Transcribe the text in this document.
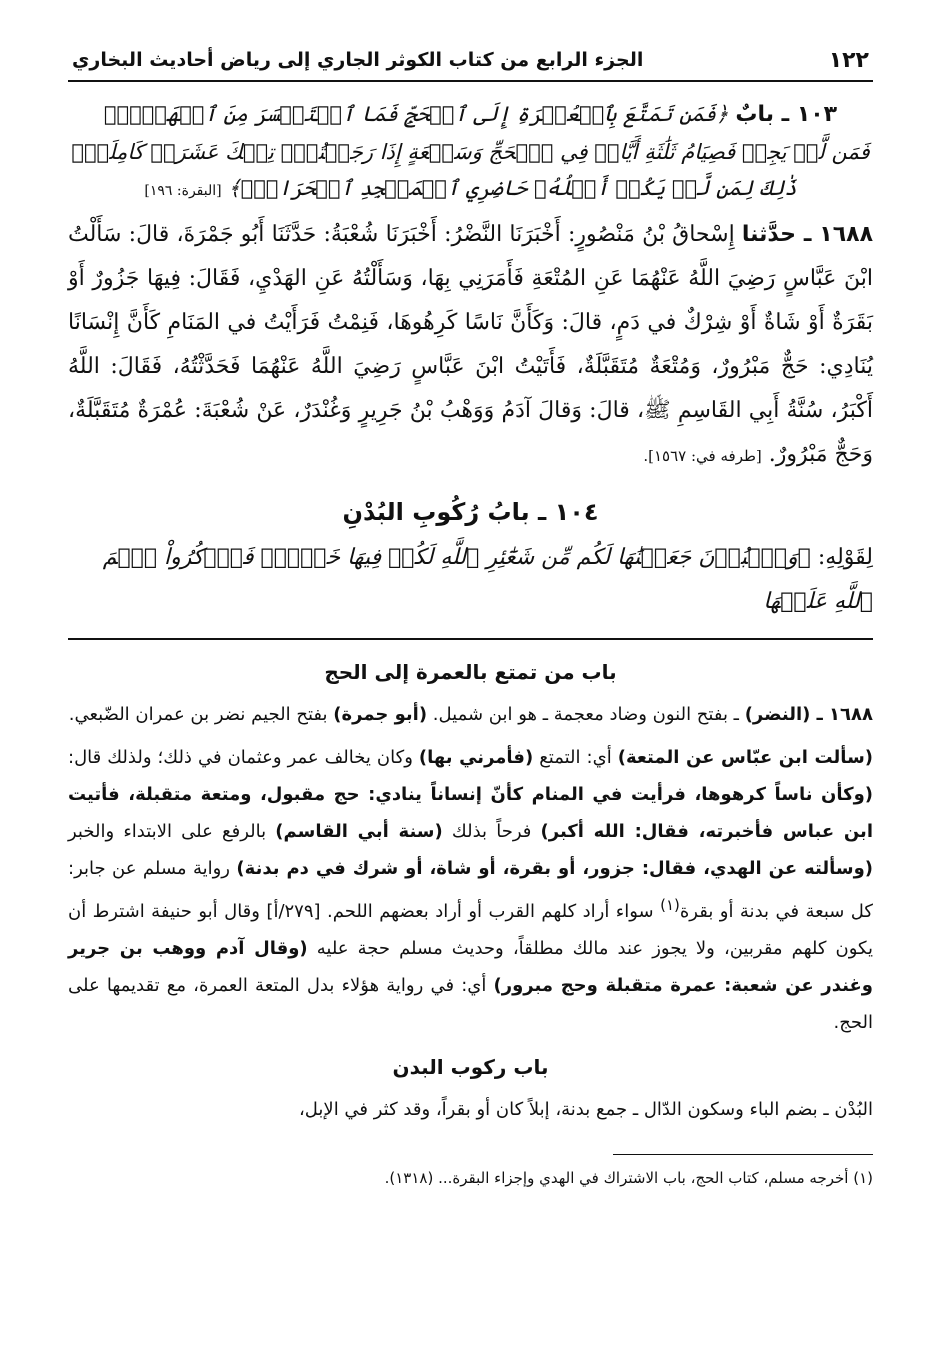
١٢٢
الجزء الرابع من كتاب الكوثر الجاري إلى رياض أحاديث البخاري

١٠٣ ـ بابٌ ﴿فَمَن تَمَتَّعَ بِٱلۡعُمۡرَةِ إِلَى ٱلۡحَجِّ فَمَا ٱسۡتَيۡسَرَ مِنَ ٱلۡهَدۡيِۚ

فَمَن لَّمۡ يَجِدۡ فَصِيَامُ ثَلَٰثَةِ أَيَّامٖ فِي ٱلۡحَجِّ وَسَبۡعَةٍ إِذَا رَجَعۡتُمۡۗ تِلۡكَ عَشَرَةٞ كَامِلَةٞۗ
ذَٰلِكَ لِمَن لَّمۡ يَكُنۡ أَهۡلُهُۥ حَاضِرِي ٱلۡمَسۡجِدِ ٱلۡحَرَامِۚ﴾ [البقرة: ١٩٦]

١٦٨٨ ـ حدَّثنا إِسْحاقُ بْنُ مَنْصُورٍ: أَخْبَرَنَا النَّضْرُ: أَخْبَرَنَا شُعْبَةُ: حَدَّثَنَا أَبُو جَمْرَةَ، قالَ: سَأَلْتُ ابْنَ عَبَّاسٍ رَضِيَ اللَّهُ عَنْهُمَا عَنِ المُتْعَةِ فَأَمَرَنِي بِهَا، وَسَأَلْتُهُ عَنِ الهَدْيِ، فَقَالَ: فِيهَا جَزُورٌ أَوْ بَقَرَةٌ أَوْ شَاةٌ أَوْ شِرْكٌ في دَمٍ، قالَ: وَكَأَنَّ نَاسًا كَرِهُوهَا، فَنِمْتُ فَرَأَيْتُ في المَنَامِ كَأَنَّ إِنْسَانًا يُنَادِي: حَجٌّ مَبْرُورٌ، وَمُتْعَةٌ مُتَقَبَّلَةٌ، فَأَتَيْتُ ابْنَ عَبَّاسٍ رَضِيَ اللَّهُ عَنْهُمَا فَحَدَّثْتُهُ، فَقَالَ: اللَّهُ أَكْبَرُ، سُنَّةُ أَبِي القَاسِمِ ﷺ، قالَ: وَقالَ آدَمُ وَوَهْبُ بْنُ جَرِيرٍ وَغُنْدَرٌ، عَنْ شُعْبَةَ: عُمْرَةٌ مُتَقَبَّلَةٌ، وَحَجٌّ مَبْرُورٌ. [طرفه في: ١٥٦٧].

١٠٤ ـ بابُ رُكُوبِ البُدْنِ
لِقَوْلِهِ: ﴿وَٱلۡبُدۡنَ جَعَلۡنَٰهَا لَكُم مِّن شَعَٰٓئِرِ ٱللَّهِ لَكُمۡ فِيهَا خَيۡرٞۖ فَٱذۡكُرُواْ ٱسۡمَ ٱللَّهِ عَلَيۡهَا
باب من تمتع بالعمرة إلى الحج

١٦٨٨ ـ (النضر) ـ بفتح النون وضاد معجمة ـ هو ابن شميل. (أبو جمرة) بفتح الجيم نضر بن عمران الضّبعي.

(سألت ابن عبّاس عن المتعة) أي: التمتع (فأمرني بها) وكان يخالف عمر وعثمان في ذلك؛ ولذلك قال: (وكأن ناساً كرهوها، فرأيت في المنام كأنّ إنساناً ينادي: حج مقبول، ومتعة متقبلة، فأتيت ابن عباس فأخبرته، فقال: الله أكبر) فرحاً بذلك (سنة أبي القاسم) بالرفع على الابتداء والخبر (وسألته عن الهدي، فقال: جزور، أو بقرة، أو شاة، أو شرك في دم بدنة) رواية مسلم عن جابر: كل سبعة في بدنة أو بقرة$^{(١)}$ سواء أراد كلهم القرب أو أراد بعضهم اللحم. [٢٧٩/أ] وقال أبو حنيفة اشترط أن يكون كلهم مقربين، ولا يجوز عند مالك مطلقاً، وحديث مسلم حجة عليه (وقال آدم ووهب بن جرير وغندر عن شعبة: عمرة متقبلة وحج مبرور) أي: في رواية هؤلاء بدل المتعة العمرة، مع تقديمها على الحج.

باب ركوب البدن

البُدْن ـ بضم الباء وسكون الدّال ـ جمع بدنة، إبلاً كان أو بقراً، وقد كثر في الإبل،

(١) أخرجه مسلم، كتاب الحج، باب الاشتراك في الهدي وإجزاء البقرة... (١٣١٨).
